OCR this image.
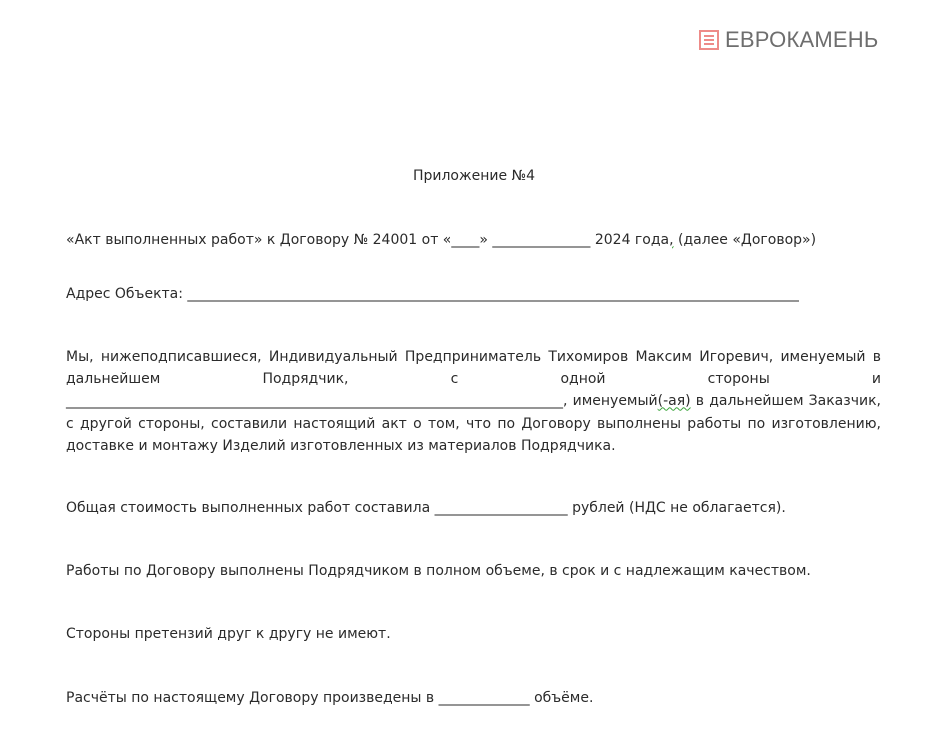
ЕВРОКАМЕНЬ
Приложение №4
«Акт выполненных работ» к Договору № 24001 от «____» ______________ 2024 года, (далее «Договор»)
Адрес Объекта: ______________________________________________________________________________________________
Мы, нижеподписавшиеся, Индивидуальный Предприниматель Тихомиров Максим Игоревич, именуемый в дальнейшем Подрядчик, с одной стороны и _______________________________________________________________________, именуемый(-ая) в дальнейшем Заказчик, с другой стороны, составили настоящий акт о том, что по Договору выполнены работы по изготовлению, доставке и монтажу Изделий изготовленных из материалов Подрядчика.
Общая стоимость выполненных работ составила ___________________ рублей (НДС не облагается).
Работы по Договору выполнены Подрядчиком в полном объеме, в срок и с надлежащим качеством.
Стороны претензий друг к другу не имеют.
Расчёты по настоящему Договору произведены в _____________ объёме.
